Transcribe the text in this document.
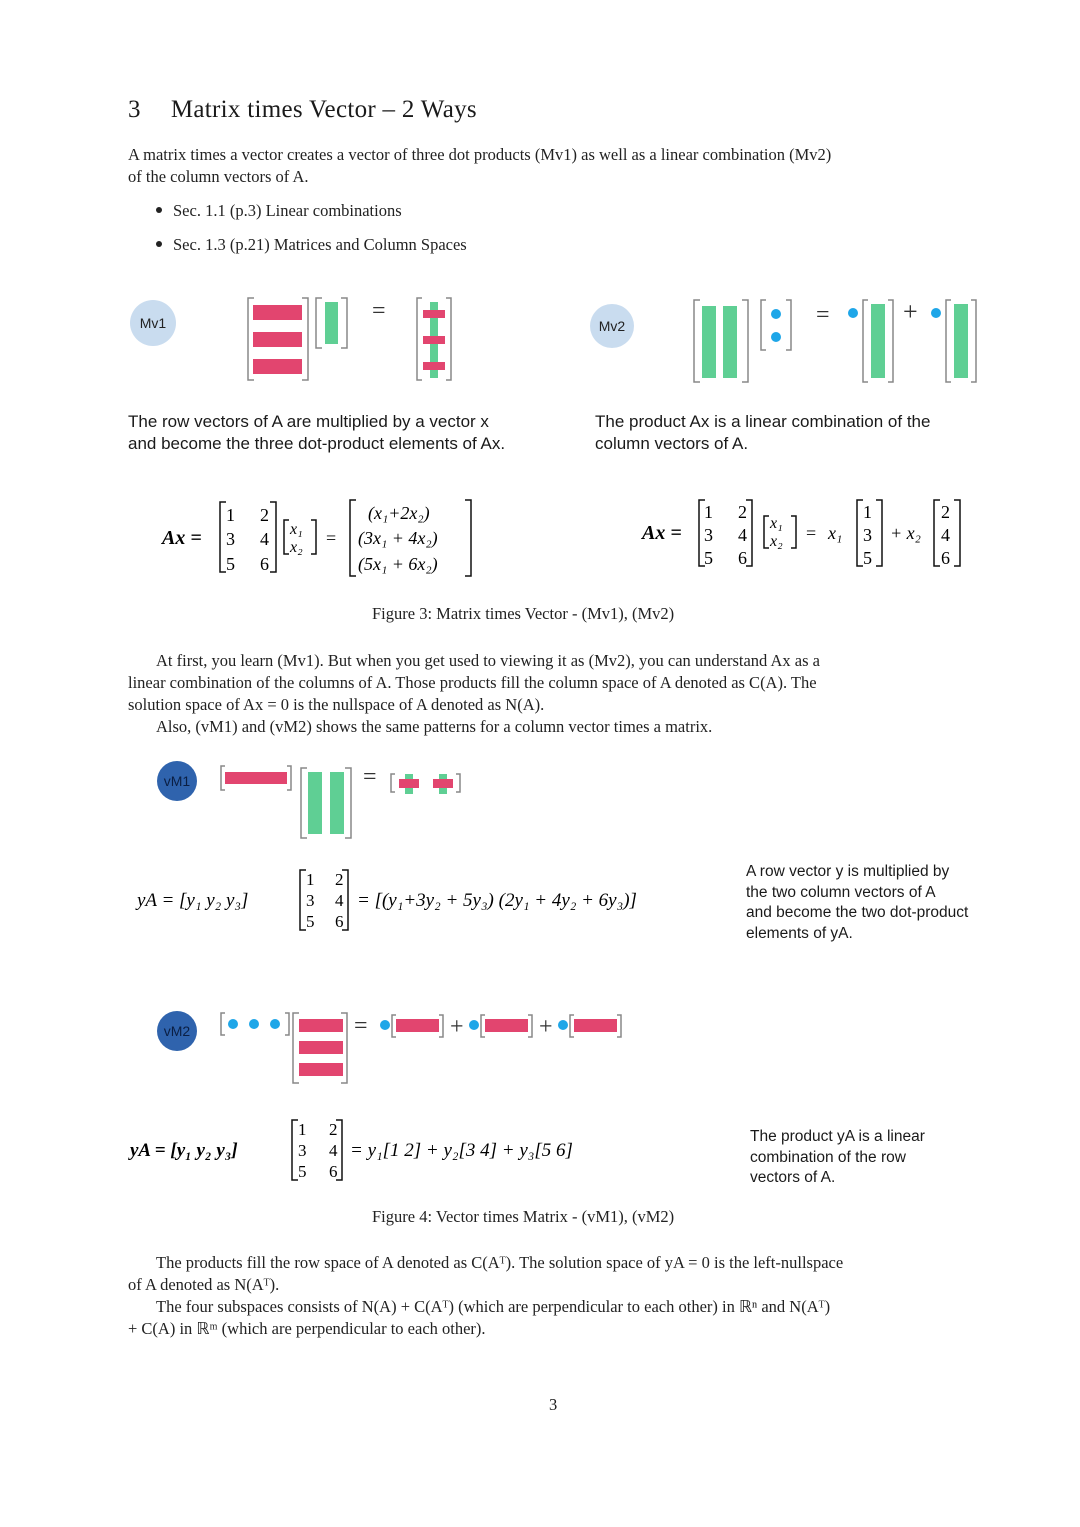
3 Matrix times Vector – 2 Ways
A matrix times a vector creates a vector of three dot products (Mv1) as well as a linear combination (Mv2)
of the column vectors of A.
Sec. 1.1 (p.3) Linear combinations
Sec. 1.3 (p.21) Matrices and Column Spaces
Mv1	=
Mv2	=	+
The row vectors of A are multiplied by a vector x
and become the three dot-product elements of Ax.
The product Ax is a linear combination of the
column vectors of A.
Ax =
1 2
3 4
5 6
x₁
x₂ =
(x₁+2x₂)
(3x₁ + 4x₂)
(5x₁ + 6x₂)
Ax =
1 2
3 4
5 6
x₁
x₂ = x₁
1
3
5
+ x₂
2
4
6
Figure 3: Matrix times Vector - (Mv1), (Mv2)
At first, you learn (Mv1). But when you get used to viewing it as (Mv2), you can understand Ax as a
linear combination of the columns of A. Those products fill the column space of A denoted as C(A). The
solution space of Ax = 0 is the nullspace of A denoted as N(A).
Also, (vM1) and (vM2) shows the same patterns for a column vector times a matrix.
vM1	=
yA = [y₁ y₂ y₃]
1 2
3 4
5 6
= [(y₁+3y₂ + 5y₃) (2y₁ + 4y₂ + 6y₃)]
A row vector y is multiplied by
the two column vectors of A
and become the two dot-product
elements of yA.
vM2	=	+	+
yA = [y₁ y₂ y₃]
1 2
3 4
5 6
= y₁[1 2] + y₂[3 4] + y₃[5 6]
The product yA is a linear
combination of the row
vectors of A.
Figure 4: Vector times Matrix - (vM1), (vM2)
The products fill the row space of A denoted as C(Aᵀ). The solution space of yA = 0 is the left-nullspace
of A denoted as N(Aᵀ).
The four subspaces consists of N(A) + C(Aᵀ) (which are perpendicular to each other) in ℝⁿ and N(Aᵀ)
+ C(A) in ℝᵐ (which are perpendicular to each other).
3
